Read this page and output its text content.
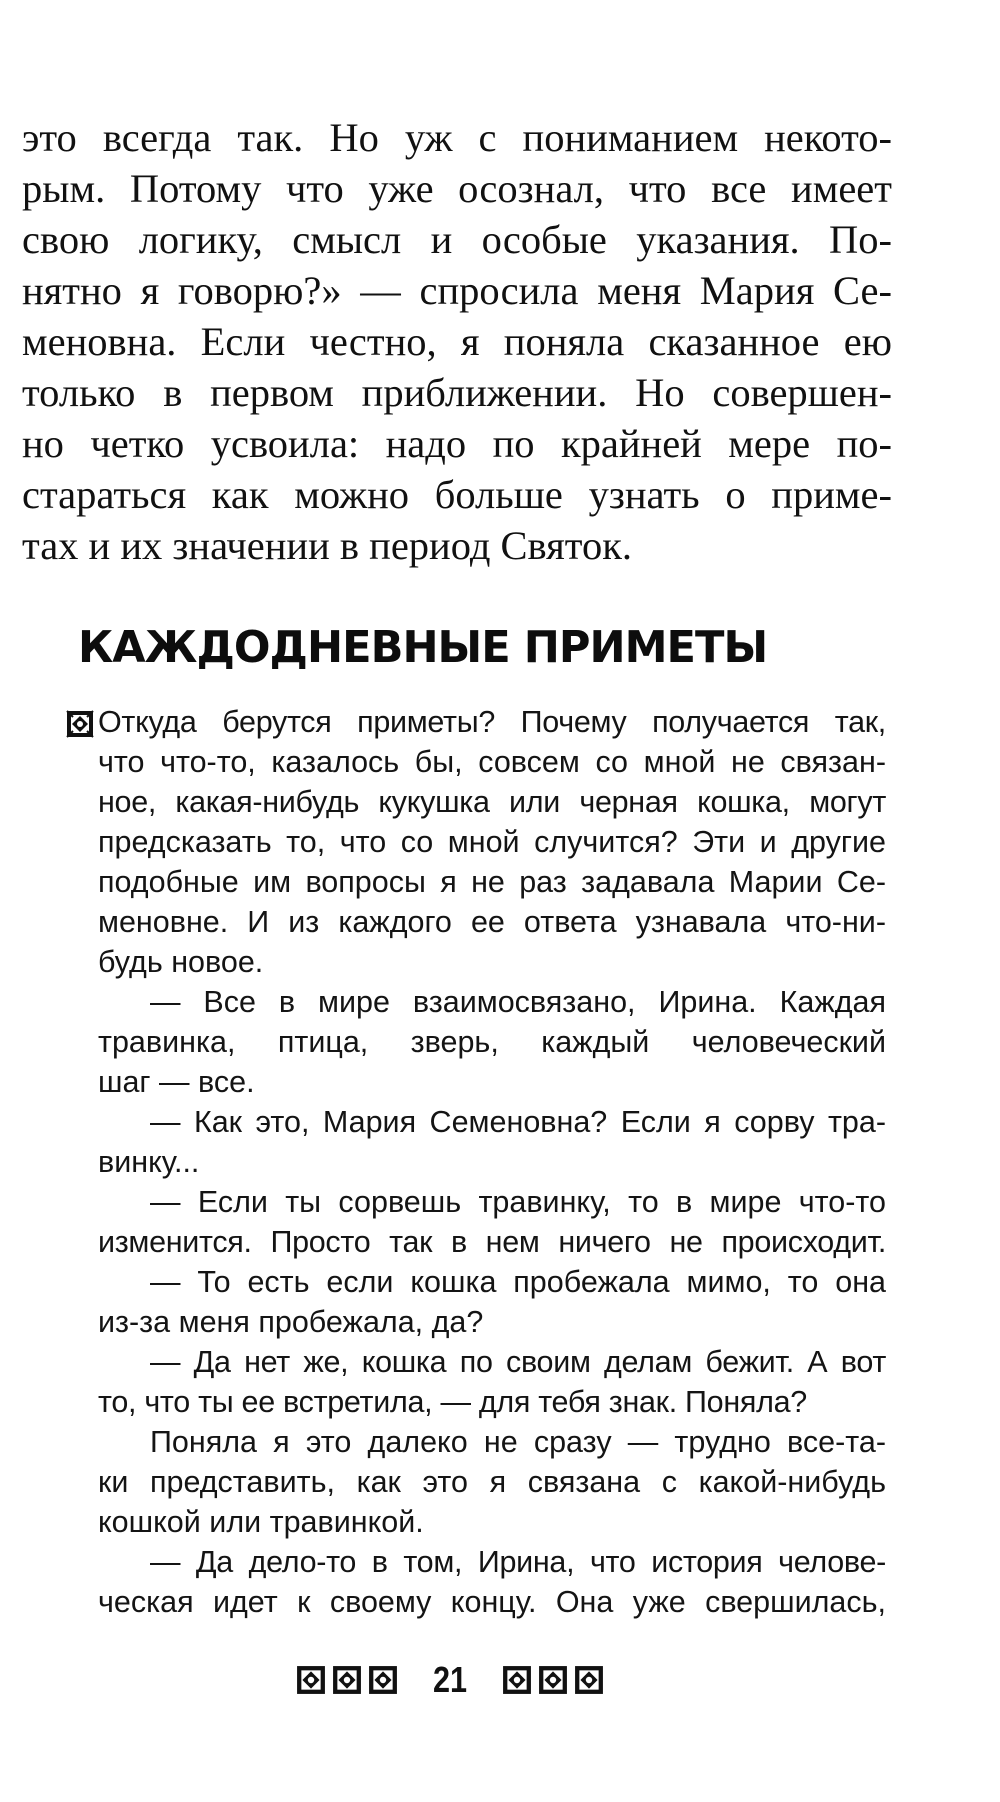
это всегда так. Но уж с пониманием некото-
рым. Потому что уже осознал, что все имеет
свою логику, смысл и особые указания. По-
нятно я говорю?» — спросила меня Мария Се-
меновна. Если честно, я поняла сказанное ею
только в первом приближении. Но совершен-
но четко усвоила: надо по крайней мере по-
стараться как можно больше узнать о приме-
тах и их значении в период Святок.
КАЖДОДНЕВНЫЕ ПРИМЕТЫ
Откуда берутся приметы? Почему получается так,
что что-то, казалось бы, совсем со мной не связан-
ное, какая-нибудь кукушка или черная кошка, могут
предсказать то, что со мной случится? Эти и другие
подобные им вопросы я не раз задавала Марии Се-
меновне. И из каждого ее ответа узнавала что-ни-
будь новое.
— Все в мире взаимосвязано, Ирина. Каждая
травинка, птица, зверь, каждый человеческий
шаг — все.
— Как это, Мария Семеновна? Если я сорву тра-
винку...
— Если ты сорвешь травинку, то в мире что-то
изменится. Просто так в нем ничего не происходит.
— То есть если кошка пробежала мимо, то она
из-за меня пробежала, да?
— Да нет же, кошка по своим делам бежит. А вот
то, что ты ее встретила, — для тебя знак. Поняла?
Поняла я это далеко не сразу — трудно все-та-
ки представить, как это я связана с какой-нибудь
кошкой или травинкой.
— Да дело-то в том, Ирина, что история челове-
ческая идет к своему концу. Она уже свершилась,
21
